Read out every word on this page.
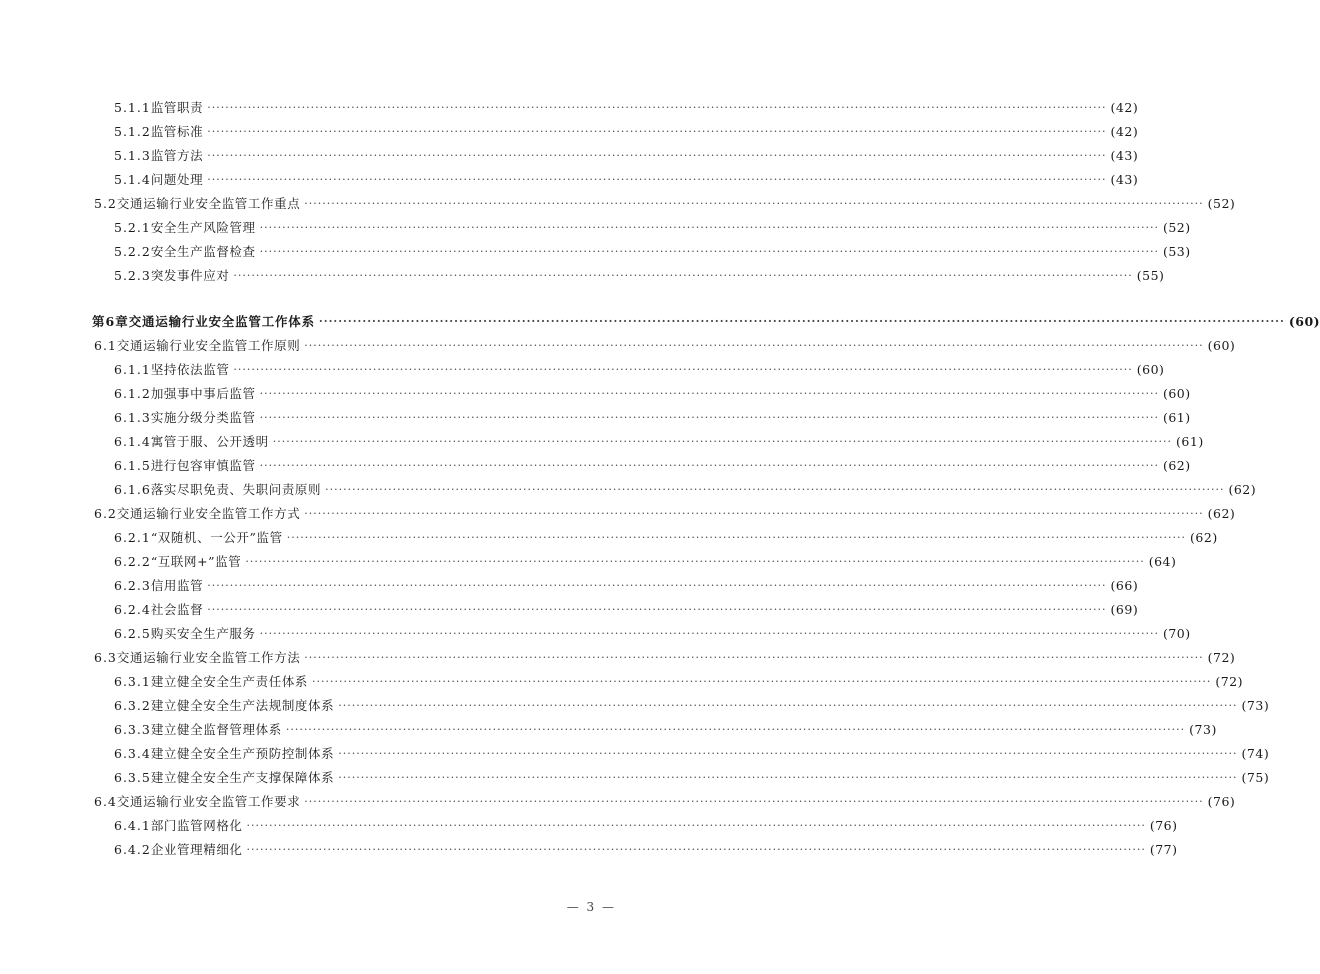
5.1.1 监管职责 ········································································································································································································ (42)
5.1.2 监管标准 ········································································································································································································ (42)
5.1.3 监管方法 ········································································································································································································ (43)
5.1.4 问题处理 ········································································································································································································ (43)
5.2 交通运输行业安全监管工作重点 ········································································································································································································ (52)
5.2.1 安全生产风险管理 ········································································································································································································ (52)
5.2.2 安全生产监督检查 ········································································································································································································ (53)
5.2.3 突发事件应对 ········································································································································································································ (55)
第6章 交通运输行业安全监管工作体系 ········································································································································································································ (60)
6.1 交通运输行业安全监管工作原则 ········································································································································································································ (60)
6.1.1 坚持依法监管 ········································································································································································································ (60)
6.1.2 加强事中事后监管 ········································································································································································································ (60)
6.1.3 实施分级分类监管 ········································································································································································································ (61)
6.1.4 寓管于服、公开透明 ········································································································································································································ (61)
6.1.5 进行包容审慎监管 ········································································································································································································ (62)
6.1.6 落实尽职免责、失职问责原则 ········································································································································································································ (62)
6.2 交通运输行业安全监管工作方式 ········································································································································································································ (62)
6.2.1 “双随机、一公开”监管 ········································································································································································································ (62)
6.2.2 “互联网+”监管 ········································································································································································································ (64)
6.2.3 信用监管 ········································································································································································································ (66)
6.2.4 社会监督 ········································································································································································································ (69)
6.2.5 购买安全生产服务 ········································································································································································································ (70)
6.3 交通运输行业安全监管工作方法 ········································································································································································································ (72)
6.3.1 建立健全安全生产责任体系 ········································································································································································································ (72)
6.3.2 建立健全安全生产法规制度体系 ········································································································································································································ (73)
6.3.3 建立健全监督管理体系 ········································································································································································································ (73)
6.3.4 建立健全安全生产预防控制体系 ········································································································································································································ (74)
6.3.5 建立健全安全生产支撑保障体系 ········································································································································································································ (75)
6.4 交通运输行业安全监管工作要求 ········································································································································································································ (76)
6.4.1 部门监管网格化 ········································································································································································································ (76)
6.4.2 企业管理精细化 ········································································································································································································ (77)
— 3 —
